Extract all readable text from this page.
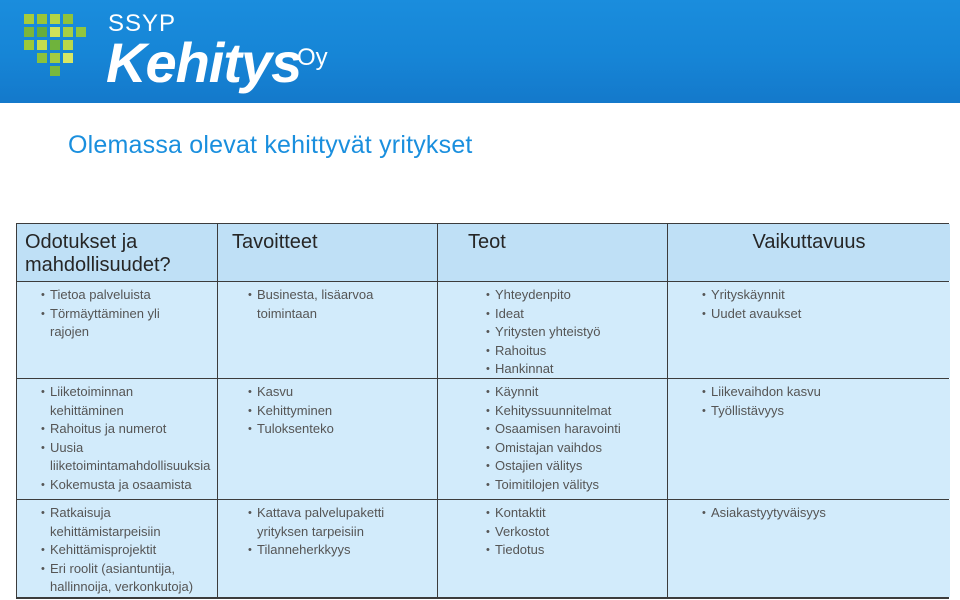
SSYP
Kehitys
Oy
Olemassa olevat kehittyvät yritykset
Odotukset ja mahdollisuudet?
Tavoitteet	Teot	Vaikuttavuus
• Tietoa palveluista
• Törmäyttäminen yli rajojen
• Businesta, lisäarvoa toimintaan
• Yhteydenpito
• Ideat
• Yritysten yhteistyö
• Rahoitus
• Hankinnat
• Yrityskäynnit
• Uudet avaukset
• Liiketoiminnan kehittäminen
• Rahoitus ja numerot
• Uusia liiketoimintamahdollisuuksia
• Kokemusta ja osaamista
• Kasvu
• Kehittyminen
• Tuloksenteko
• Käynnit
• Kehityssuunnitelmat
• Osaamisen haravointi
• Omistajan vaihdos
• Ostajien välitys
• Toimitilojen välitys
• Liikevaihdon kasvu
• Työllistävyys
• Ratkaisuja kehittämistarpeisiin
• Kehittämisprojektit
• Eri roolit (asiantuntija, hallinnoija, verkonkutoja)
• Kattava palvelupaketti yrityksen tarpeisiin
• Tilanneherkkyys
• Kontaktit
• Verkostot
• Tiedotus
• Asiakastyytyväisyys
